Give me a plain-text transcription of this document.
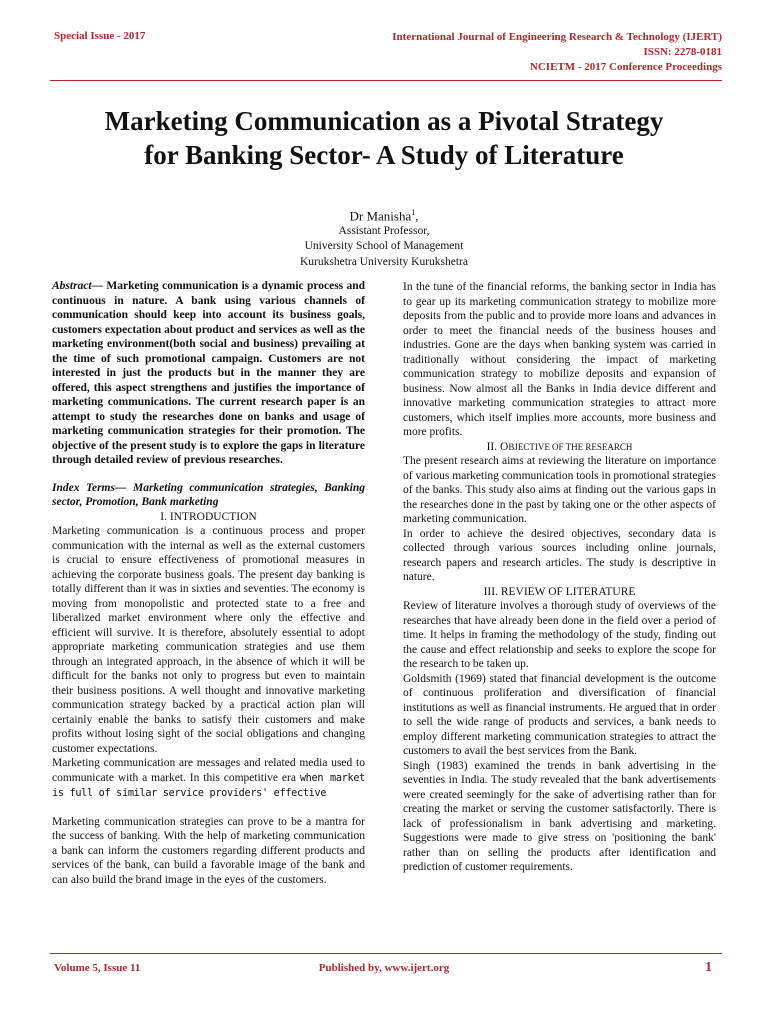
Special Issue - 2017	International Journal of Engineering Research & Technology (IJERT)
ISSN: 2278-0181
NCIETM - 2017 Conference Proceedings
Marketing Communication as a Pivotal Strategy
for Banking Sector- A Study of Literature
Dr Manisha$^1$,
Assistant Professor,
University School of Management
Kurukshetra University Kurukshetra

Abstract— Marketing communication is a dynamic process and continuous in nature. A bank using various channels of communication should keep into account its business goals, customers expectation about product and services as well as the marketing environment(both social and business) prevailing at the time of such promotional campaign. Customers are not interested in just the products but in the manner they are offered, this aspect strengthens and justifies the importance of marketing communications. The current research paper is an attempt to study the researches done on banks and usage of marketing communication strategies for their promotion. The objective of the present study is to explore the gaps in literature through detailed review of previous researches.

Index Terms— Marketing communication strategies, Banking sector, Promotion, Bank marketing

I. INTRODUCTION

Marketing communication is a continuous process and proper communication with the internal as well as the external customers is crucial to ensure effectiveness of promotional measures in achieving the corporate business goals. The present day banking is totally different than it was in sixties and seventies. The economy is moving from monopolistic and protected state to a free and liberalized market environment where only the effective and efficient will survive. It is therefore, absolutely essential to adopt appropriate marketing communication strategies and use them through an integrated approach, in the absence of which it will be difficult for the banks not only to progress but even to maintain their business positions. A well thought and innovative marketing communication strategy backed by a practical action plan will certainly enable the banks to satisfy their customers and make profits without losing sight of the social obligations and changing customer expectations.

Marketing communication are messages and related media used to communicate with a market. In this competitive era when market is full of similar service providers' effective

Marketing communication strategies can prove to be a mantra for the success of banking. With the help of marketing communication a bank can inform the customers regarding different products and services of the bank, can build a favorable image of the bank and can also build the brand image in the eyes of the customers.

In the tune of the financial reforms, the banking sector in India has to gear up its marketing communication strategy to mobilize more deposits from the public and to provide more loans and advances in order to meet the financial needs of the business houses and industries. Gone are the days when banking system was carried in traditionally without considering the impact of marketing communication strategy to mobilize deposits and expansion of business. Now almost all the Banks in India device different and innovative marketing communication strategies to attract more customers, which itself implies more accounts, more business and more profits.

II. OBJECTIVE OF THE RESEARCH

The present research aims at reviewing the literature on importance of various marketing communication tools in promotional strategies of the banks. This study also aims at finding out the various gaps in the researches done in the past by taking one or the other aspects of marketing communication.

In order to achieve the desired objectives, secondary data is collected through various sources including online journals, research papers and research articles. The study is descriptive in nature.

III. REVIEW OF LITERATURE

Review of literature involves a thorough study of overviews of the researches that have already been done in the field over a period of time. It helps in framing the methodology of the study, finding out the cause and effect relationship and seeks to explore the scope for the research to be taken up.

Goldsmith (1969) stated that financial development is the outcome of continuous proliferation and diversification of financial institutions as well as financial instruments. He argued that in order to sell the wide range of products and services, a bank needs to employ different marketing communication strategies to attract the customers to avail the best services from the Bank.

Singh (1983) examined the trends in bank advertising in the seventies in India. The study revealed that the bank advertisements were created seemingly for the sake of advertising rather than for creating the market or serving the customer satisfactorily. There is lack of professionalism in bank advertising and marketing. Suggestions were made to give stress on 'positioning the bank' rather than on selling the products after identification and prediction of customer requirements.

Volume 5, Issue 11	Published by, www.ijert.org	1
